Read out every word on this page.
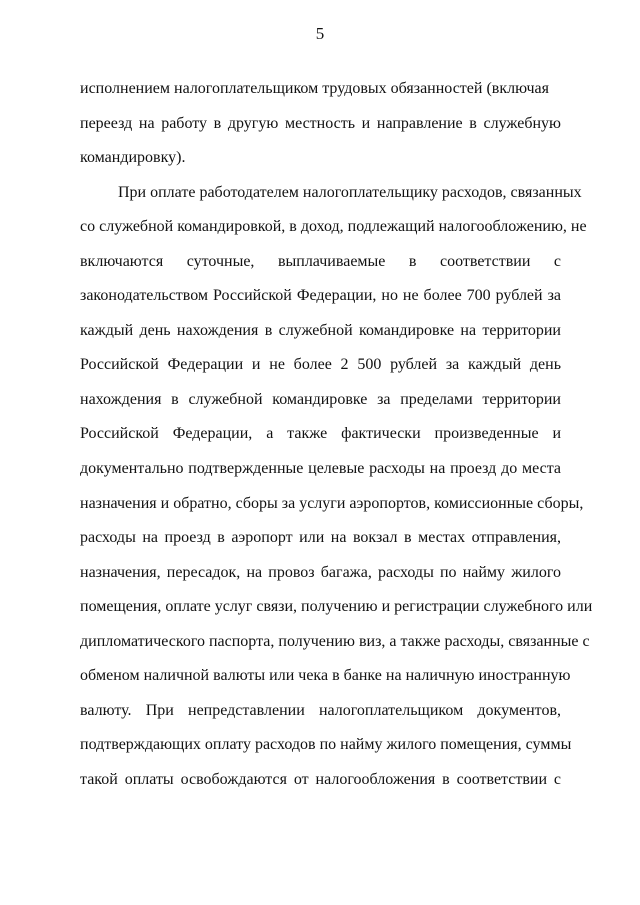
5
исполнением налогоплательщиком трудовых обязанностей (включая
переезд на работу в другую местность и направление в служебную
командировку).
При оплате работодателем налогоплательщику расходов, связанных
со служебной командировкой, в доход, подлежащий налогообложению, не
включаются суточные, выплачиваемые в соответствии с
законодательством Российской Федерации, но не более 700 рублей за
каждый день нахождения в служебной командировке на территории
Российской Федерации и не более 2 500 рублей за каждый день
нахождения в служебной командировке за пределами территории
Российской Федерации, а также фактически произведенные и
документально подтвержденные целевые расходы на проезд до места
назначения и обратно, сборы за услуги аэропортов, комиссионные сборы,
расходы на проезд в аэропорт или на вокзал в местах отправления,
назначения, пересадок, на провоз багажа, расходы по найму жилого
помещения, оплате услуг связи, получению и регистрации служебного или
дипломатического паспорта, получению виз, а также расходы, связанные с
обменом наличной валюты или чека в банке на наличную иностранную
валюту. При непредставлении налогоплательщиком документов,
подтверждающих оплату расходов по найму жилого помещения, суммы
такой оплаты освобождаются от налогообложения в соответствии с
